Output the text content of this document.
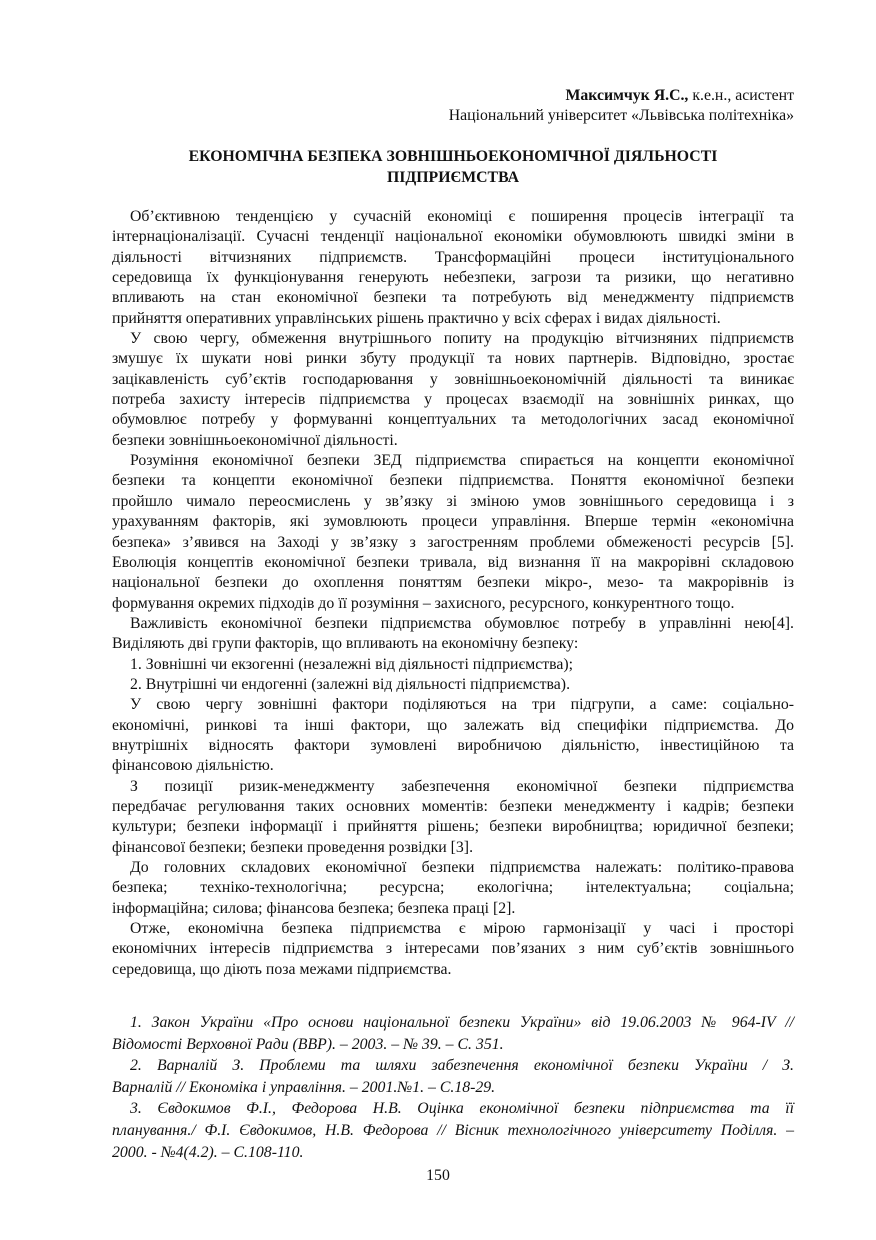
Максимчук Я.С., к.е.н., асистент
Національний університет «Львівська політехніка»
ЕКОНОМІЧНА БЕЗПЕКА ЗОВНІШНЬОЕКОНОМІЧНОЇ ДІЯЛЬНОСТІ
ПІДПРИЄМСТВА
Об’єктивною тенденцією у сучасній економіці є поширення процесів інтеграції та
інтернаціоналізації. Сучасні тенденції національної економіки обумовлюють швидкі зміни в
діяльності вітчизняних підприємств. Трансформаційні процеси інституціонального
середовища їх функціонування генерують небезпеки, загрози та ризики, що негативно
впливають на стан економічної безпеки та потребують від менеджменту підприємств
прийняття оперативних управлінських рішень практично у всіх сферах і видах діяльності.
У свою чергу, обмеження внутрішнього попиту на продукцію вітчизняних підприємств
змушує їх шукати нові ринки збуту продукції та нових партнерів. Відповідно, зростає
зацікавленість суб’єктів господарювання у зовнішньоекономічній діяльності та виникає
потреба захисту інтересів підприємства у процесах взаємодії на зовнішніх ринках, що
обумовлює потребу у формуванні концептуальних та методологічних засад економічної
безпеки зовнішньоекономічної діяльності.
Розуміння економічної безпеки ЗЕД підприємства спирається на концепти економічної
безпеки та концепти економічної безпеки підприємства. Поняття економічної безпеки
пройшло чимало переосмислень у зв’язку зі зміною умов зовнішнього середовища і з
урахуванням факторів, які зумовлюють процеси управління. Вперше термін «економічна
безпека» з’явився на Заході у зв’язку з загостренням проблеми обмеженості ресурсів [5].
Еволюція концептів економічної безпеки тривала, від визнання її на макрорівні складовою
національної безпеки до охоплення поняттям безпеки мікро-, мезо- та макрорівнів із
формування окремих підходів до її розуміння – захисного, ресурсного, конкурентного тощо.
Важливість економічної безпеки підприємства обумовлює потребу в управлінні нею[4].
Виділяють дві групи факторів, що впливають на економічну безпеку:
1. Зовнішні чи екзогенні (незалежні від діяльності підприємства);
2. Внутрішні чи ендогенні (залежні від діяльності підприємства).
У свою чергу зовнішні фактори поділяються на три підгрупи, а саме: соціально-
економічні, ринкові та інші фактори, що залежать від специфіки підприємства. До
внутрішніх відносять фактори зумовлені виробничою діяльністю, інвестиційною та
фінансовою діяльністю.
З позиції ризик-менеджменту забезпечення економічної безпеки підприємства
передбачає регулювання таких основних моментів: безпеки менеджменту і кадрів; безпеки
культури; безпеки інформації і прийняття рішень; безпеки виробництва; юридичної безпеки;
фінансової безпеки; безпеки проведення розвідки [3].
До головних складових економічної безпеки підприємства належать: політико-правова
безпека; техніко-технологічна; ресурсна; екологічна; інтелектуальна; соціальна;
інформаційна; силова; фінансова безпека; безпека праці [2].
Отже, економічна безпека підприємства є мірою гармонізації у часі і просторі
економічних інтересів підприємства з інтересами пов’язаних з ним суб’єктів зовнішнього
середовища, що діють поза межами підприємства.
1. Закон України «Про основи національної безпеки України» від 19.06.2003 № 964-IV //
Відомості Верховної Ради (ВВР). – 2003. – № 39. – С. 351.
2. Варналій З. Проблеми та шляхи забезпечення економічної безпеки України / З.
Варналій // Економіка і управління. – 2001.№1. – С.18-29.
3. Євдокимов Ф.І., Федорова Н.В. Оцінка економічної безпеки підприємства та її
планування./ Ф.І. Євдокимов, Н.В. Федорова // Вісник технологічного університету Поділля. –
2000. - №4(4.2). – С.108-110.
150
